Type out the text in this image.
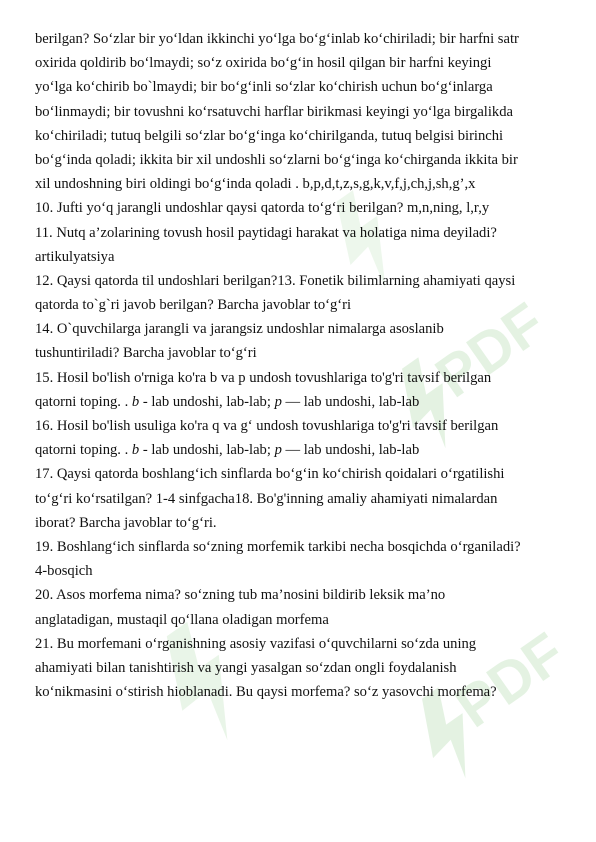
PDF
PDF
berilgan? So‘zlar bir yo‘ldan ikkinchi yo‘lga bo‘g‘inlab ko‘chiriladi; bir harfni satr
oxirida qoldirib bo‘lmaydi; so‘z oxirida bo‘g‘in hosil qilgan bir harfni keyingi
yo‘lga ko‘chirib bo`lmaydi; bir bo‘g‘inli so‘zlar ko‘chirish uchun bo‘g‘inlarga
bo‘linmaydi; bir tovushni ko‘rsatuvchi harflar birikmasi keyingi yo‘lga birgalikda
ko‘chiriladi; tutuq belgili so‘zlar bo‘g‘inga ko‘chirilganda, tutuq belgisi birinchi
bo‘g‘inda qoladi; ikkita bir xil undoshli so‘zlarni bo‘g‘inga ko‘chirganda ikkita bir
xil undoshning biri oldingi bo‘g‘inda qoladi . b,p,d,t,z,s,g,k,v,f,j,ch,j,sh,g’,x
10. Jufti yo‘q jarangli undoshlar qaysi qatorda to‘g‘ri berilgan? m,n,ning, l,r,y
11. Nutq a’zolarining tovush hosil paytidagi harakat va holatiga nima deyiladi?
artikulyatsiya
12. Qaysi qatorda til undoshlari berilgan?13. Fonetik bilimlarning ahamiyati qaysi
qatorda to`g`ri javob berilgan? Barcha javoblar to‘g‘ri
14. O`quvchilarga jarangli va jarangsiz undoshlar nimalarga asoslanib
tushuntiriladi? Barcha javoblar to‘g‘ri
15. Hosil bo'lish o'rniga ko'ra b va p undosh tovushlariga to'g'ri tavsif berilgan
qatorni toping. . b - lab undoshi, lab-lab; p — lab undoshi, lab-lab
16. Hosil bo'lish usuliga ko'ra q va g‘ undosh tovushlariga to'g'ri tavsif berilgan
qatorni toping. . b - lab undoshi, lab-lab; p — lab undoshi, lab-lab
17. Qaysi qatorda boshlang‘ich sinflarda bo‘g‘in ko‘chirish qoidalari o‘rgatilishi
to‘g‘ri ko‘rsatilgan? 1-4 sinfgacha18. Bo'g'inning amaliy ahamiyati nimalardan
iborat? Barcha javoblar to‘g‘ri.
19. Boshlang‘ich sinflarda so‘zning morfemik tarkibi necha bosqichda o‘rganiladi?
4-bosqich
20. Asos morfema nima? so‘zning tub ma’nosini bildirib leksik ma’no
anglatadigan, mustaqil qo‘llana oladigan morfema
21. Bu morfemani o‘rganishning asosiy vazifasi o‘quvchilarni so‘zda uning
ahamiyati bilan tanishtirish va yangi yasalgan so‘zdan ongli foydalanish
ko‘nikmasini o‘stirish hioblanadi. Bu qaysi morfema? so‘z yasovchi morfema?
